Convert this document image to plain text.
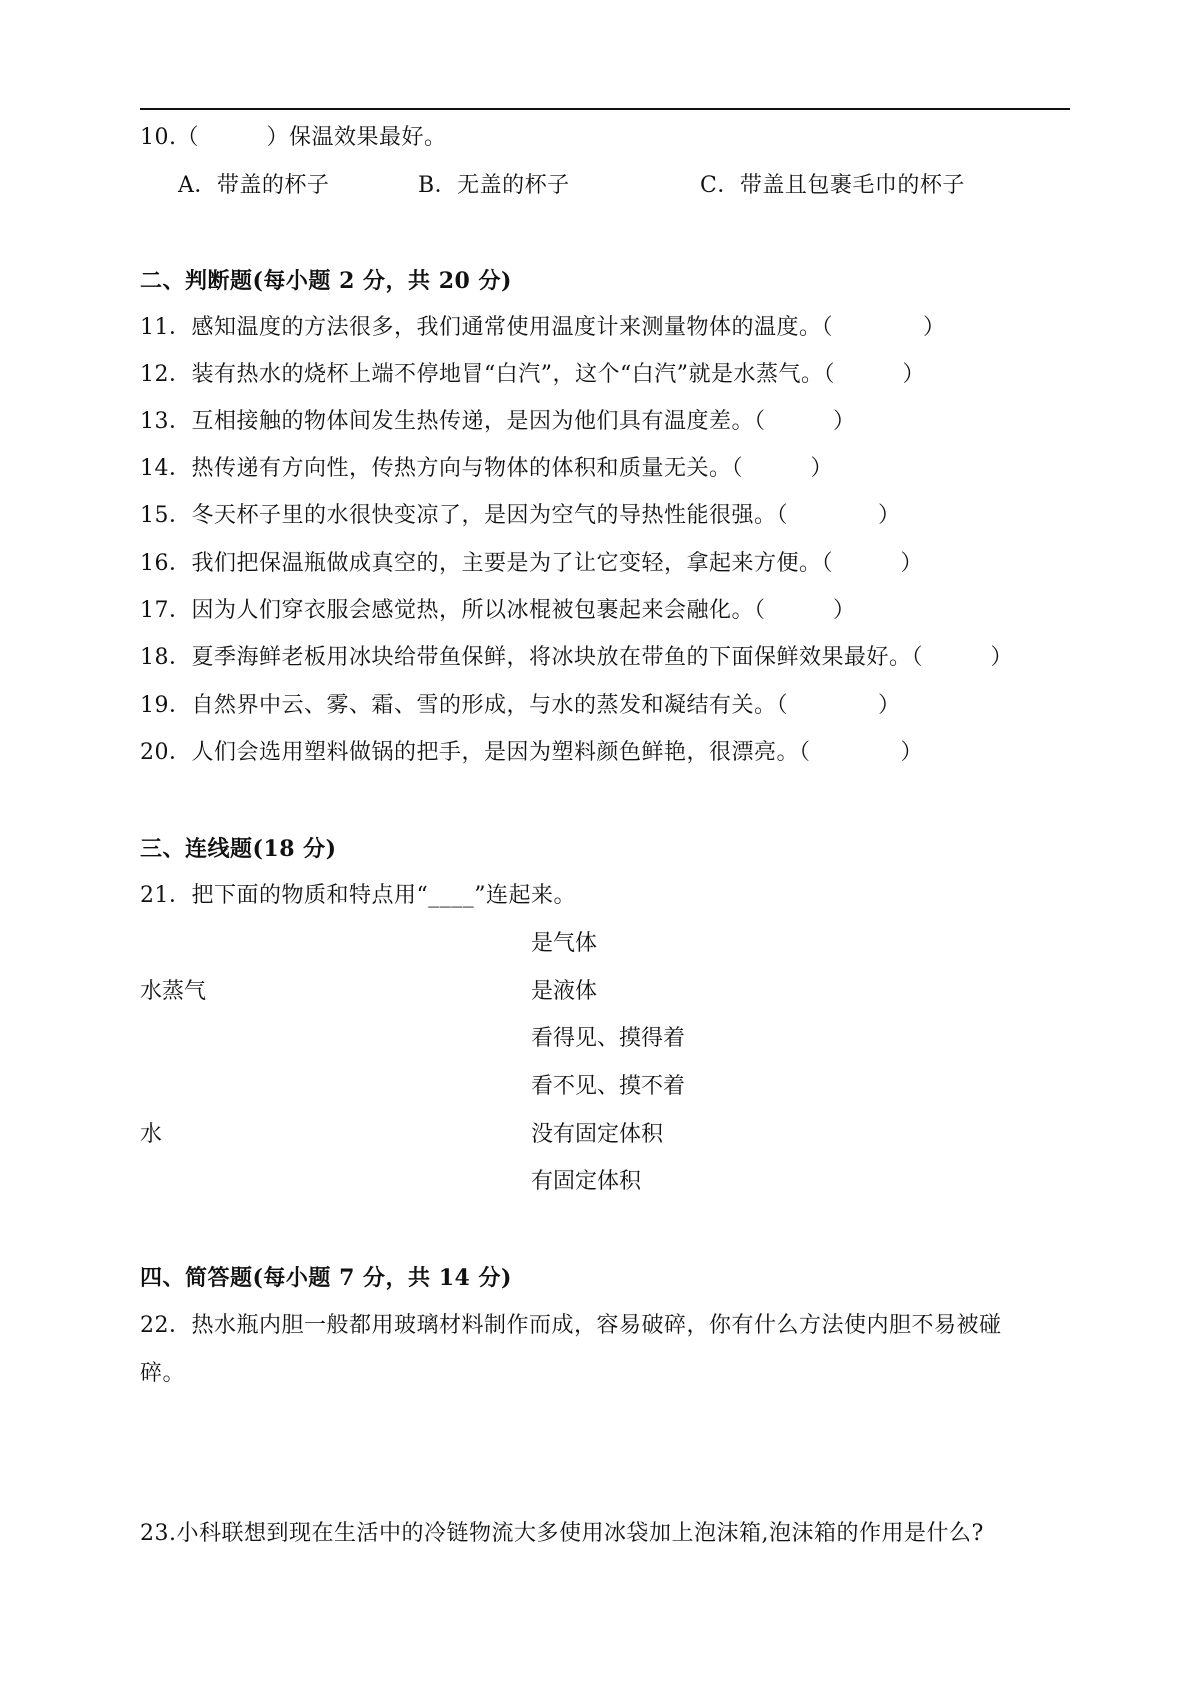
10.（　　　）保温效果最好。
A．带盖的杯子	B．无盖的杯子	C．带盖且包裹毛巾的杯子
二、判断题(每小题 2 分，共 20 分)
11．感知温度的方法很多，我们通常使用温度计来测量物体的温度。（　　　　）
12．装有热水的烧杯上端不停地冒“白汽”，这个“白汽”就是水蒸气。（　　　）
13．互相接触的物体间发生热传递，是因为他们具有温度差。（　　　）
14．热传递有方向性，传热方向与物体的体积和质量无关。（　　　）
15．冬天杯子里的水很快变凉了，是因为空气的导热性能很强。（　　　　）
16．我们把保温瓶做成真空的，主要是为了让它变轻，拿起来方便。（　　　）
17．因为人们穿衣服会感觉热，所以冰棍被包裹起来会融化。（　　　）
18．夏季海鲜老板用冰块给带鱼保鲜，将冰块放在带鱼的下面保鲜效果最好。（　　　）
19．自然界中云、雾、霜、雪的形成，与水的蒸发和凝结有关。（　　　　）
20．人们会选用塑料做锅的把手，是因为塑料颜色鲜艳，很漂亮。（　　　　）
三、连线题(18 分)
21．把下面的物质和特点用“____”连起来。
是气体
水蒸气	是液体
看得见、摸得着
看不见、摸不着
水	没有固定体积
有固定体积
四、简答题(每小题 7 分，共 14 分)
22．热水瓶内胆一般都用玻璃材料制作而成，容易破碎，你有什么方法使内胆不易被碰
碎。
23.小科联想到现在生活中的冷链物流大多使用冰袋加上泡沫箱,泡沫箱的作用是什么?
